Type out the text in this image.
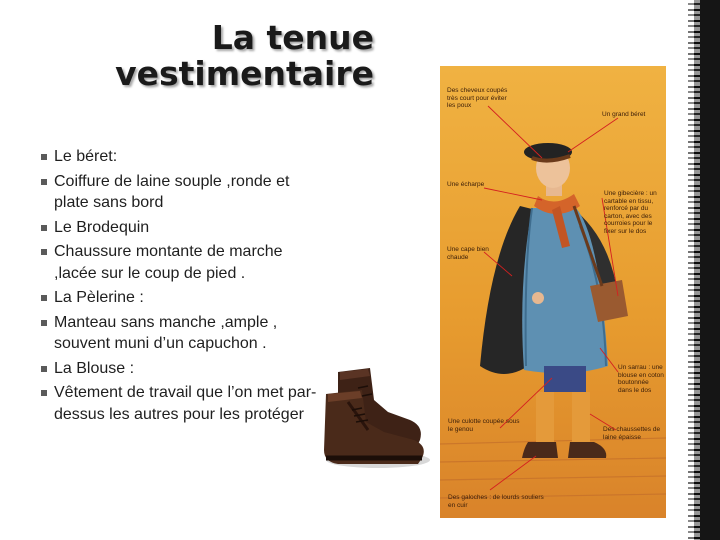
La tenue
vestimentaire
Le béret:
Coiffure de laine souple ,ronde et plate sans bord
Le Brodequin
Chaussure montante de marche ,lacée sur le coup de pied .
La Pèlerine :
Manteau sans manche ,ample , souvent muni d’un capuchon .
La Blouse :
Vêtement de travail que l’on met par-dessus les autres pour les protéger
Des cheveux coupés très court pour éviter les poux
Un grand béret
Une écharpe
Une gibecière : un cartable en tissu, renforcé par du carton, avec des courroies pour le fixer sur le dos
Une cape bien chaude
Un sarrau : une blouse en coton boutonnée dans le dos
Une culotte coupée sous le genou	Des chaussettes de laine épaisse
Des galoches : de lourds souliers en cuir
